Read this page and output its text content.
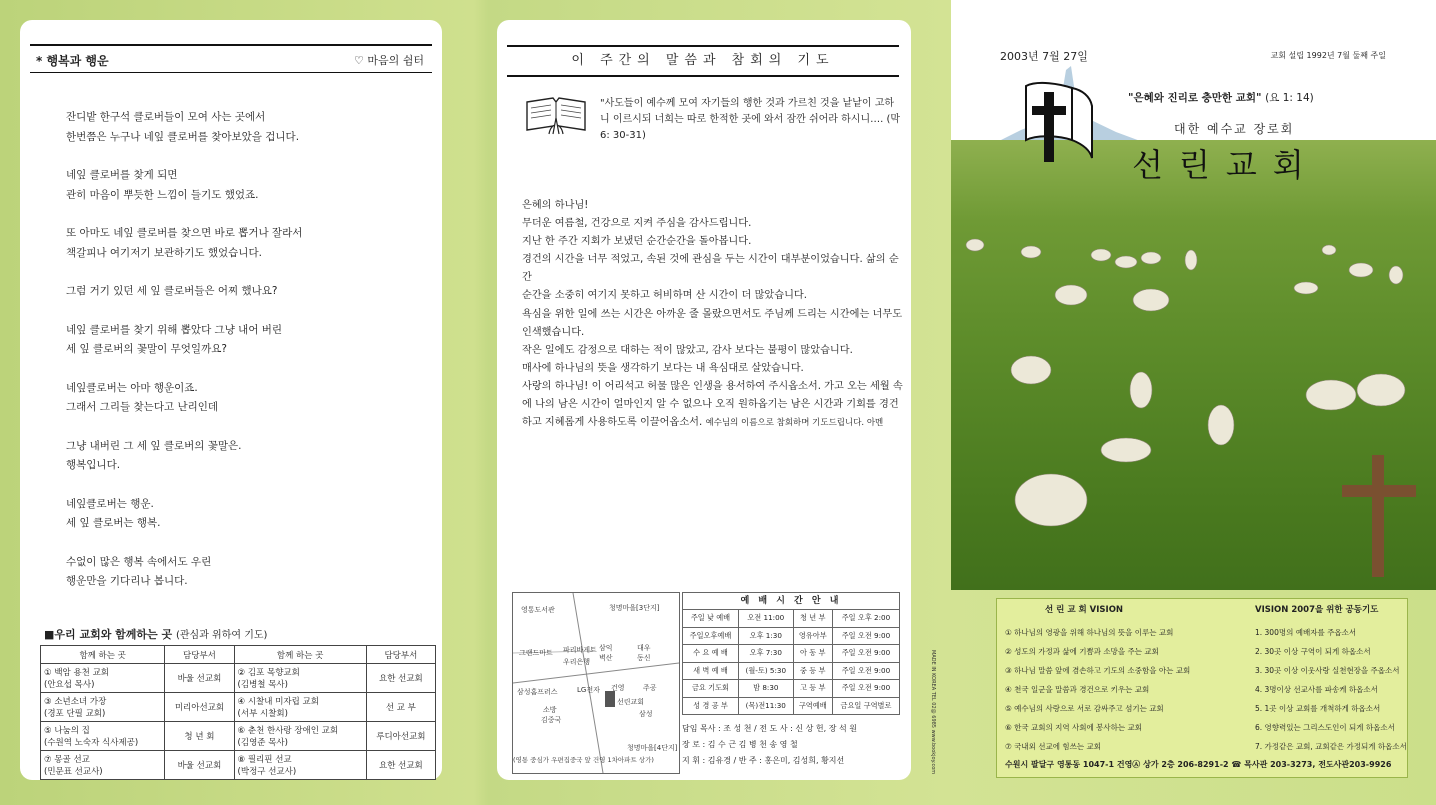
* 행복과 행운	♡ 마음의 쉼터

잔디밭 한구석 클로버들이 모여 사는 곳에서
한번쯤은 누구나 네잎 클로버를 찾아보았을 겁니다.

네잎 클로버를 찾게 되면
관히 마음이 뿌듯한 느낌이 들기도 했었죠.

또 아마도 네잎 클로버를 찾으면 바로 뽑거나 잘라서
책갈피나 여기저기 보관하기도 했었습니다.

그럼 거기 있던 세 잎 클로버들은 어찌 했나요?

네잎 클로버를 찾기 위해 뽑았다 그냥 내어 버린
세 잎 클로버의 꽃말이 무엇일까요?

네잎클로버는 아마 행운이죠.
그래서 그리들 찾는다고 난리인데

그냥 내버린 그 세 잎 클로버의 꽃말은.
행복입니다.

네잎클로버는 행운.
세 잎 클로버는 행복.

수없이 많은 행복 속에서도 우린
행운만을 기다리나 봅니다.

■우리 교회와 함께하는 곳 (관심과 위하여 기도)
함께 하는 곳	담당부서	함께 하는 곳	담당부서
① 백암 용천 교회
(안요섭 목사)	바울 선교회	② 김포 목향교회
(김병철 목사)	요한 선교회
③ 소년소녀 가장
(경포 단필 교회)	미리아선교회	④ 시찰내 미자립 교회
(서부 시찰회)	선 교 부
⑤ 나눔의 집
(수원역 노숙자 식사제공)	청 년 회	⑥ 춘천 한사랑 장애인 교회
(김영준 목사)	루디아선교회
⑦ 몽골 선교
(민문표 선교사)	바울 선교회	⑧ 필리핀 선교
(박정구 선교사)	요한 선교회
이 주간의 말씀과 참회의 기도
"사도들이 예수께 모여 자기들의 행한 것과 가르친 것을 낱낱이 고하니 이르시되 너희는 따로 한적한 곳에 와서 잠깐 쉬어라 하시니…. (막 6: 30-31)

은혜의 하나님!

무더운 여름철, 건강으로 지켜 주심을 감사드립니다.

지난 한 주간 지회가 보냈던 순간순간을 돌아봅니다.

경건의 시간을 너무 적었고, 속된 것에 관심을 두는 시간이 대부분이었습니다. 삶의 순간

순간을 소중히 여기지 못하고 허비하며 산 시간이 더 많았습니다.

욕심을 위한 일에 쓰는 시간은 아까운 줄 몰랐으면서도 주님께 드리는 시간에는 너무도 인색했습니다.

작은 일에도 감정으로 대하는 적이 많았고, 감사 보다는 불평이 많았습니다.

매사에 하나님의 뜻을 생각하기 보다는 내 욕심대로 살았습니다.

사랑의 하나님! 이 어리석고 허물 많은 인생을 용서하여 주시옵소서. 가고 오는 세월 속에 나의 남은 시간이 얼마인지 알 수 없으나 오직 원하옵기는 남은 시간과 기회를 경건하고 지혜롭게 사용하도록 이끌어옵소서. 예수님의 이름으로 참회하며 기도드립니다. 아멘

영통도서관	청명마을[3단지]
그랜드마트 파리바게트 삼익	대우
벽산	동신
우리은행
LG전자 건영	주공
삼성홈프러스
소방
선린교회
김중국
삼성
청명마을[4단지]
(영통 중심가 우편집중국 앞 건영 1차아파트 상가)
예 배 시 간 안 내
주일 낮 예배	오전 11:00	청 년 부	주일 오후 2:00
주일오후예배	오후 1:30	영유아부	주일 오전 9:00
수 요 예 배	오후 7:30	아 동 부	주일 오전 9:00
새 벽 예 배	(월-토) 5:30	중 등 부	주일 오전 9:00
금요 기도회	밤 8:30	고 등 부	주일 오전 9:00
성 경 공 부	(목)전11:30	구역예배	금요일 구역별로
담임 목사 : 조 성 천 / 전 도 사 : 신 상 헌, 장 석 원
장 로 : 김 수 근 김 병 천 송 영 철
지 휘 : 김유경 / 반 주 : 홍은미, 김성희, 황지선
2003년 7월 27일	교회 설립 1992년 7월 둘째 주일
"은혜와 진리로 충만한 교회" (요 1: 14)
대한 예수교 장로회
선린교회
선 린 교 회 VISION	VISION 2007을 위한 공동기도
① 하나님의 영광을 위해 하나님의 뜻을 이루는 교회
② 성도의 가정과 삶에 기쁨과 소망을 주는 교회
③ 하나님 말씀 앞에 겸손하고 기도의 소중함을 아는 교회
④ 천국 일군을 말씀과 경건으로 키우는 교회
⑤ 예수님의 사랑으로 서로 감싸주고 섬기는 교회
⑥ 한국 교회의 지역 사회에 봉사하는 교회
⑦ 국내외 선교에 힘쓰는 교회
1. 300명의 예배자를 주옵소서
2. 30곳 이상 구역이 되게 하옵소서
3. 30곳 이상 이웃사랑 실천현장을 주옵소서
4. 3명이상 선교사를 파송케 하옵소서
5. 1곳 이상 교회를 개척하게 하옵소서
6. 영향력있는 그리스도인이 되게 하옵소서
7. 가정같은 교회, 교회같은 가정되게 하옵소서
수원시 팔달구 영통동 1047-1 건영Ⓐ 상가 2층 206-8291-2 ☎ 목사관 203-3273, 전도사관203-9926
MADE IN KOREA TEL 02@ 6985 www.bookjoy.com
